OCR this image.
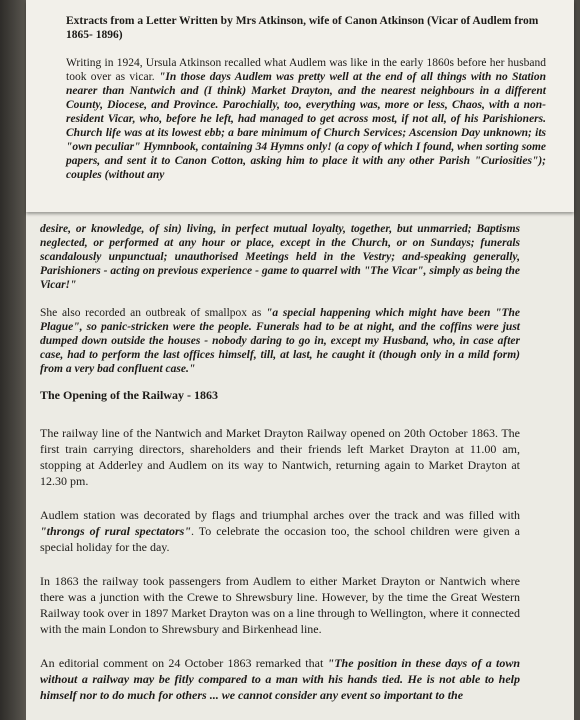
Extracts from a Letter Written by Mrs Atkinson, wife of Canon Atkinson (Vicar of Audlem from 1865- 1896)

Writing in 1924, Ursula Atkinson recalled what Audlem was like in the early 1860s before her husband took over as vicar. "In those days Audlem was pretty well at the end of all things with no Station nearer than Nantwich and (I think) Market Drayton, and the nearest neighbours in a different County, Diocese, and Province. Parochially, too, everything was, more or less, Chaos, with a non-resident Vicar, who, before he left, had managed to get across most, if not all, of his Parishioners. Church life was at its lowest ebb; a bare minimum of Church Services; Ascension Day unknown; its "own peculiar" Hymnbook, containing 34 Hymns only! (a copy of which I found, when sorting some papers, and sent it to Canon Cotton, asking him to place it with any other Parish "Curiosities"); couples (without any

desire, or knowledge, of sin) living, in perfect mutual loyalty, together, but unmarried; Baptisms neglected, or performed at any hour or place, except in the Church, or on Sundays; funerals scandalously unpunctual; unauthorised Meetings held in the Vestry; and-speaking generally, Parishioners - acting on previous experience - game to quarrel with "The Vicar", simply as being the Vicar!"

She also recorded an outbreak of smallpox as "a special happening which might have been "The Plague", so panic-stricken were the people. Funerals had to be at night, and the coffins were just dumped down outside the houses - nobody daring to go in, except my Husband, who, in case after case, had to perform the last offices himself, till, at last, he caught it (though only in a mild form) from a very bad confluent case."

The Opening of the Railway - 1863

The railway line of the Nantwich and Market Drayton Railway opened on 20th October 1863. The first train carrying directors, shareholders and their friends left Market Drayton at 11.00 am, stopping at Adderley and Audlem on its way to Nantwich, returning again to Market Drayton at 12.30 pm.

Audlem station was decorated by flags and triumphal arches over the track and was filled with "throngs of rural spectators". To celebrate the occasion too, the school children were given a special holiday for the day.

In 1863 the railway took passengers from Audlem to either Market Drayton or Nantwich where there was a junction with the Crewe to Shrewsbury line. However, by the time the Great Western Railway took over in 1897 Market Drayton was on a line through to Wellington, where it connected with the main London to Shrewsbury and Birkenhead line.

An editorial comment on 24 October 1863 remarked that "The position in these days of a town without a railway may be fitly compared to a man with his hands tied. He is not able to help himself nor to do much for others ... we cannot consider any event so important to the
